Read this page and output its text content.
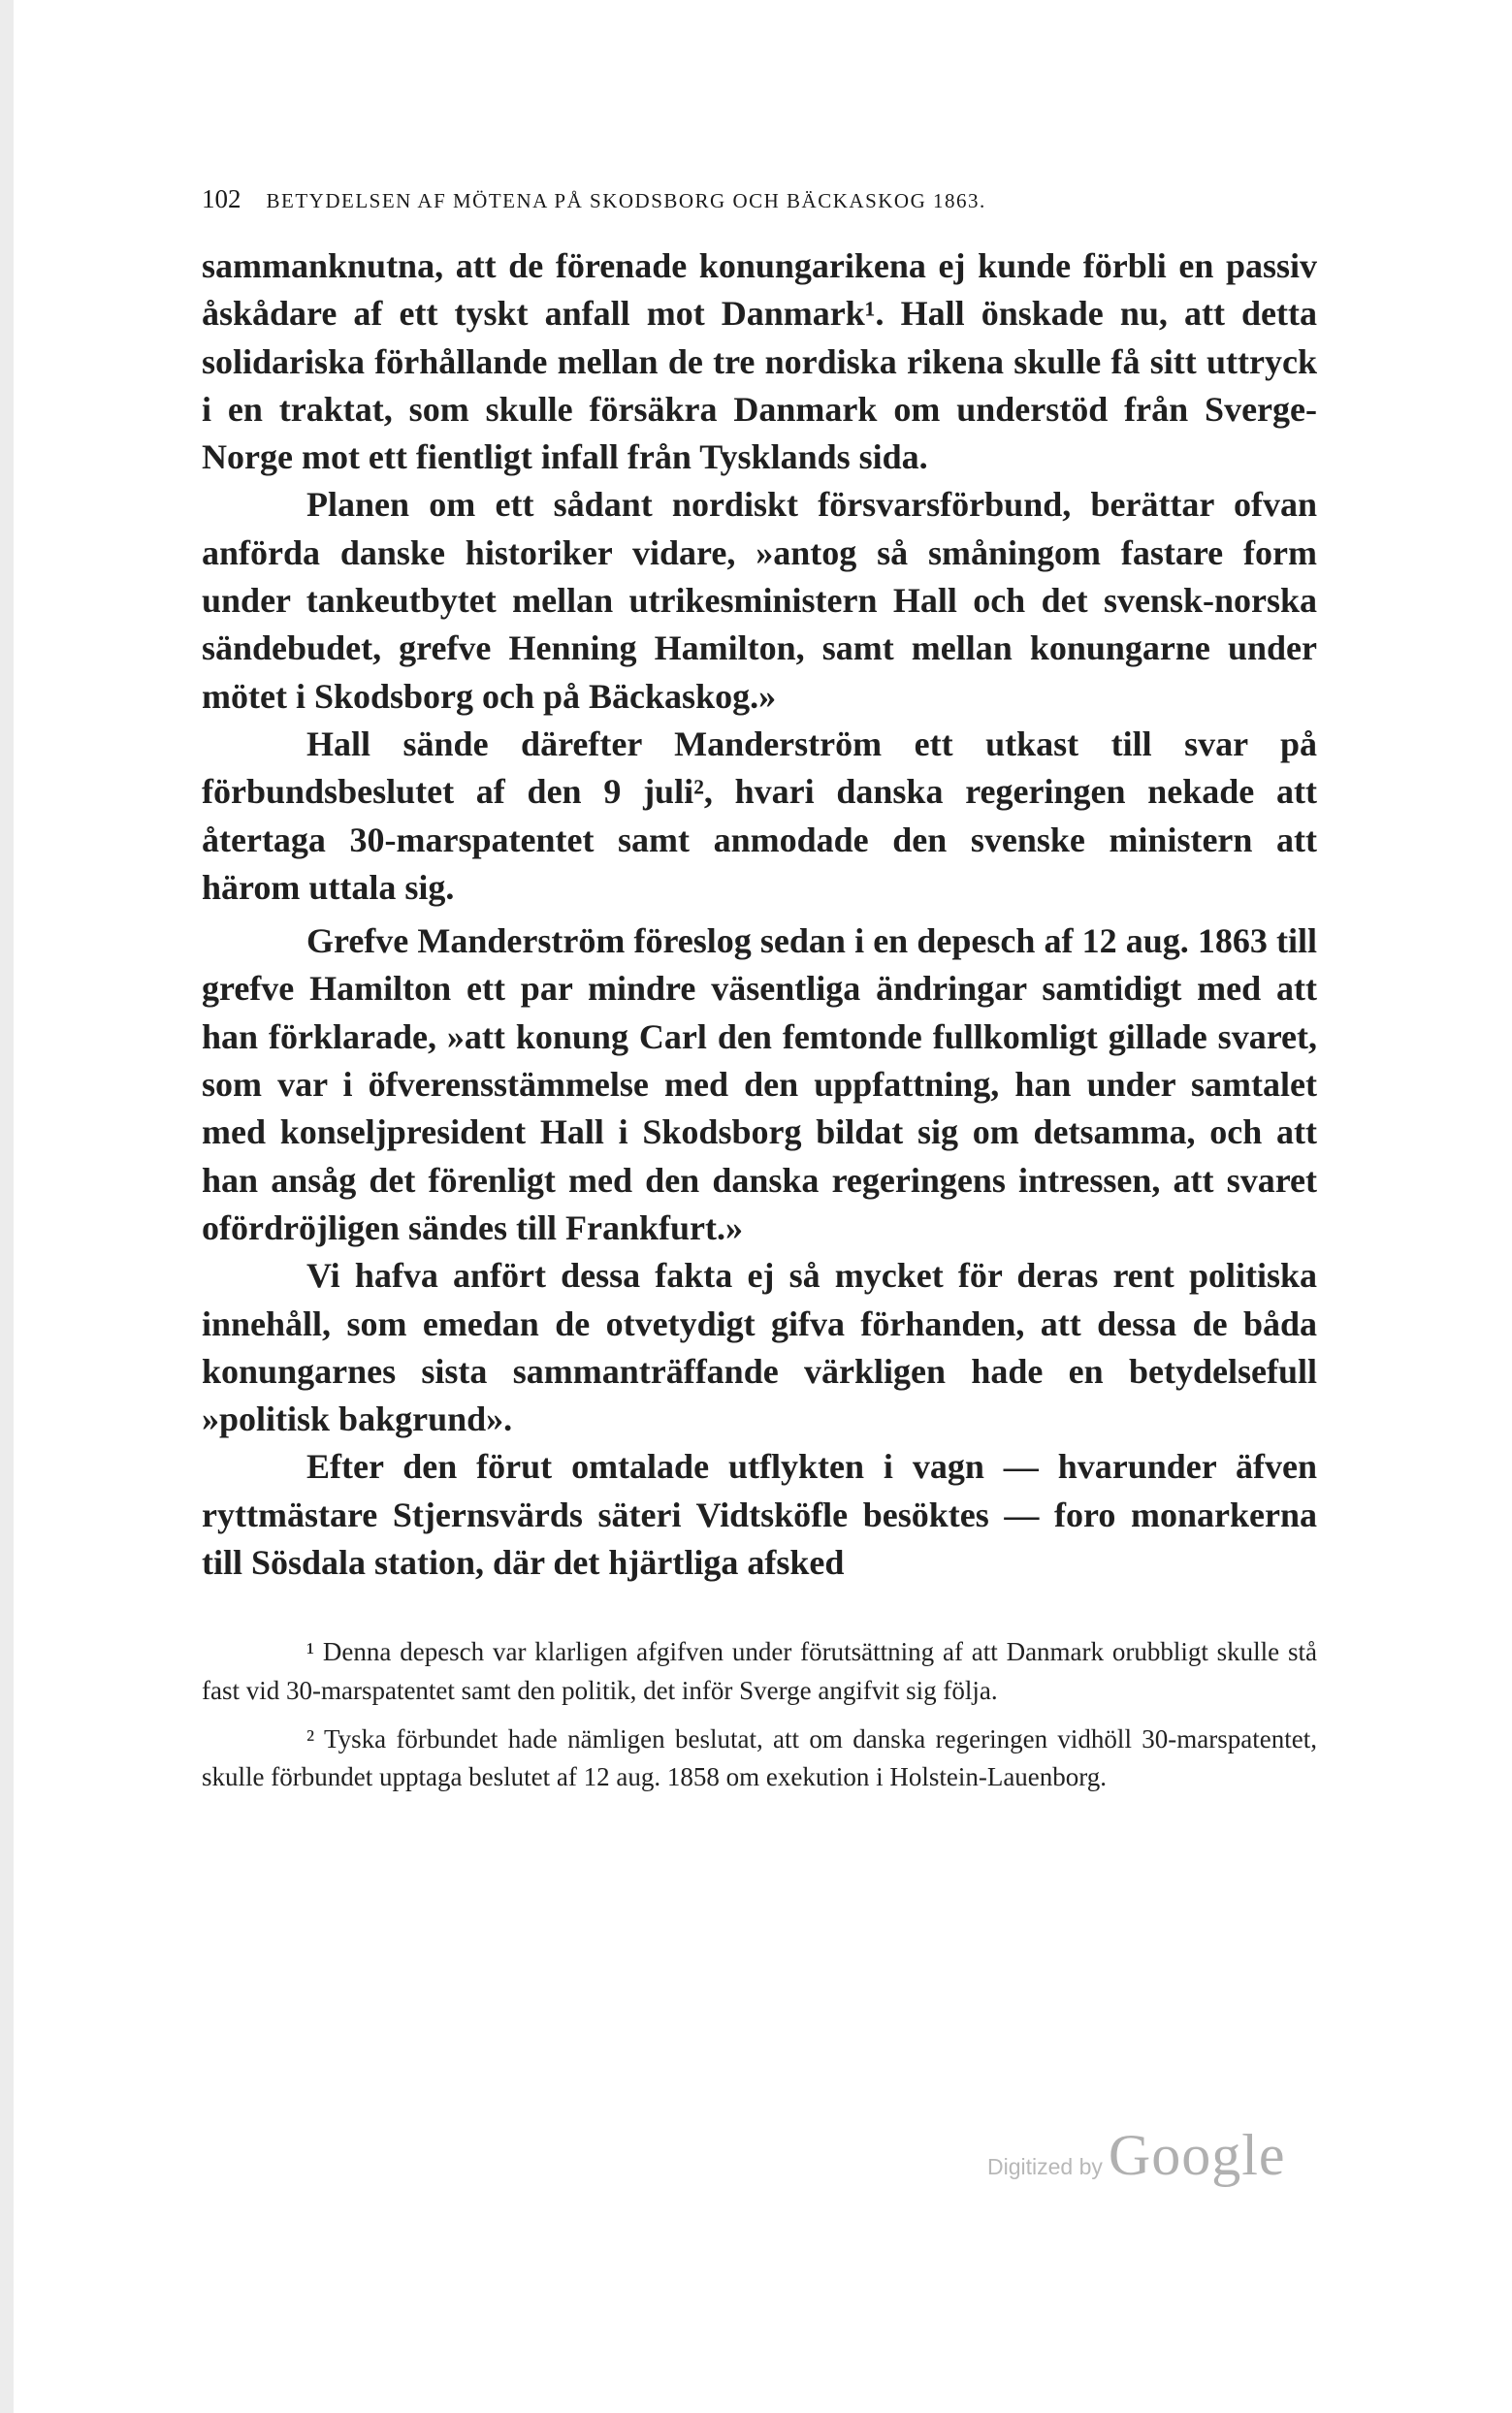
102 BETYDELSEN AF MÖTENA PÅ SKODSBORG OCH BÄCKASKOG 1863.

sammanknutna, att de förenade konungarikena ej kunde förbli en passiv åskådare af ett tyskt anfall mot Danmark¹. Hall önskade nu, att detta solidariska förhållande mellan de tre nordiska rikena skulle få sitt uttryck i en traktat, som skulle försäkra Danmark om understöd från Sverge-Norge mot ett fientligt infall från Tysklands sida.

Planen om ett sådant nordiskt försvarsförbund, berättar ofvan anförda danske historiker vidare, »antog så småningom fastare form under tankeutbytet mellan utrikesministern Hall och det svensk-norska sändebudet, grefve Henning Hamilton, samt mellan konungarne under mötet i Skodsborg och på Bäckaskog.»

Hall sände därefter Manderström ett utkast till svar på förbundsbeslutet af den 9 juli², hvari danska regeringen nekade att återtaga 30-marspatentet samt anmodade den svenske ministern att härom uttala sig.

Grefve Manderström föreslog sedan i en depesch af 12 aug. 1863 till grefve Hamilton ett par mindre väsentliga ändringar samtidigt med att han förklarade, »att konung Carl den femtonde fullkomligt gillade svaret, som var i öfverensstämmelse med den uppfattning, han under samtalet med konseljpresident Hall i Skodsborg bildat sig om detsamma, och att han ansåg det förenligt med den danska regeringens intressen, att svaret ofördröjligen sändes till Frankfurt.»

Vi hafva anfört dessa fakta ej så mycket för deras rent politiska innehåll, som emedan de otvetydigt gifva förhanden, att dessa de båda konungarnes sista sammanträffande värkligen hade en betydelsefull »politisk bakgrund».

Efter den förut omtalade utflykten i vagn — hvarunder äfven ryttmästare Stjernsvärds säteri Vidtsköfle besöktes — foro monarkerna till Sösdala station, där det hjärtliga afsked

¹ Denna depesch var klarligen afgifven under förutsättning af att Danmark orubbligt skulle stå fast vid 30-marspatentet samt den politik, det inför Sverge angifvit sig följa.

² Tyska förbundet hade nämligen beslutat, att om danska regeringen vidhöll 30-marspatentet, skulle förbundet upptaga beslutet af 12 aug. 1858 om exekution i Holstein-Lauenborg.

Digitized by Google
